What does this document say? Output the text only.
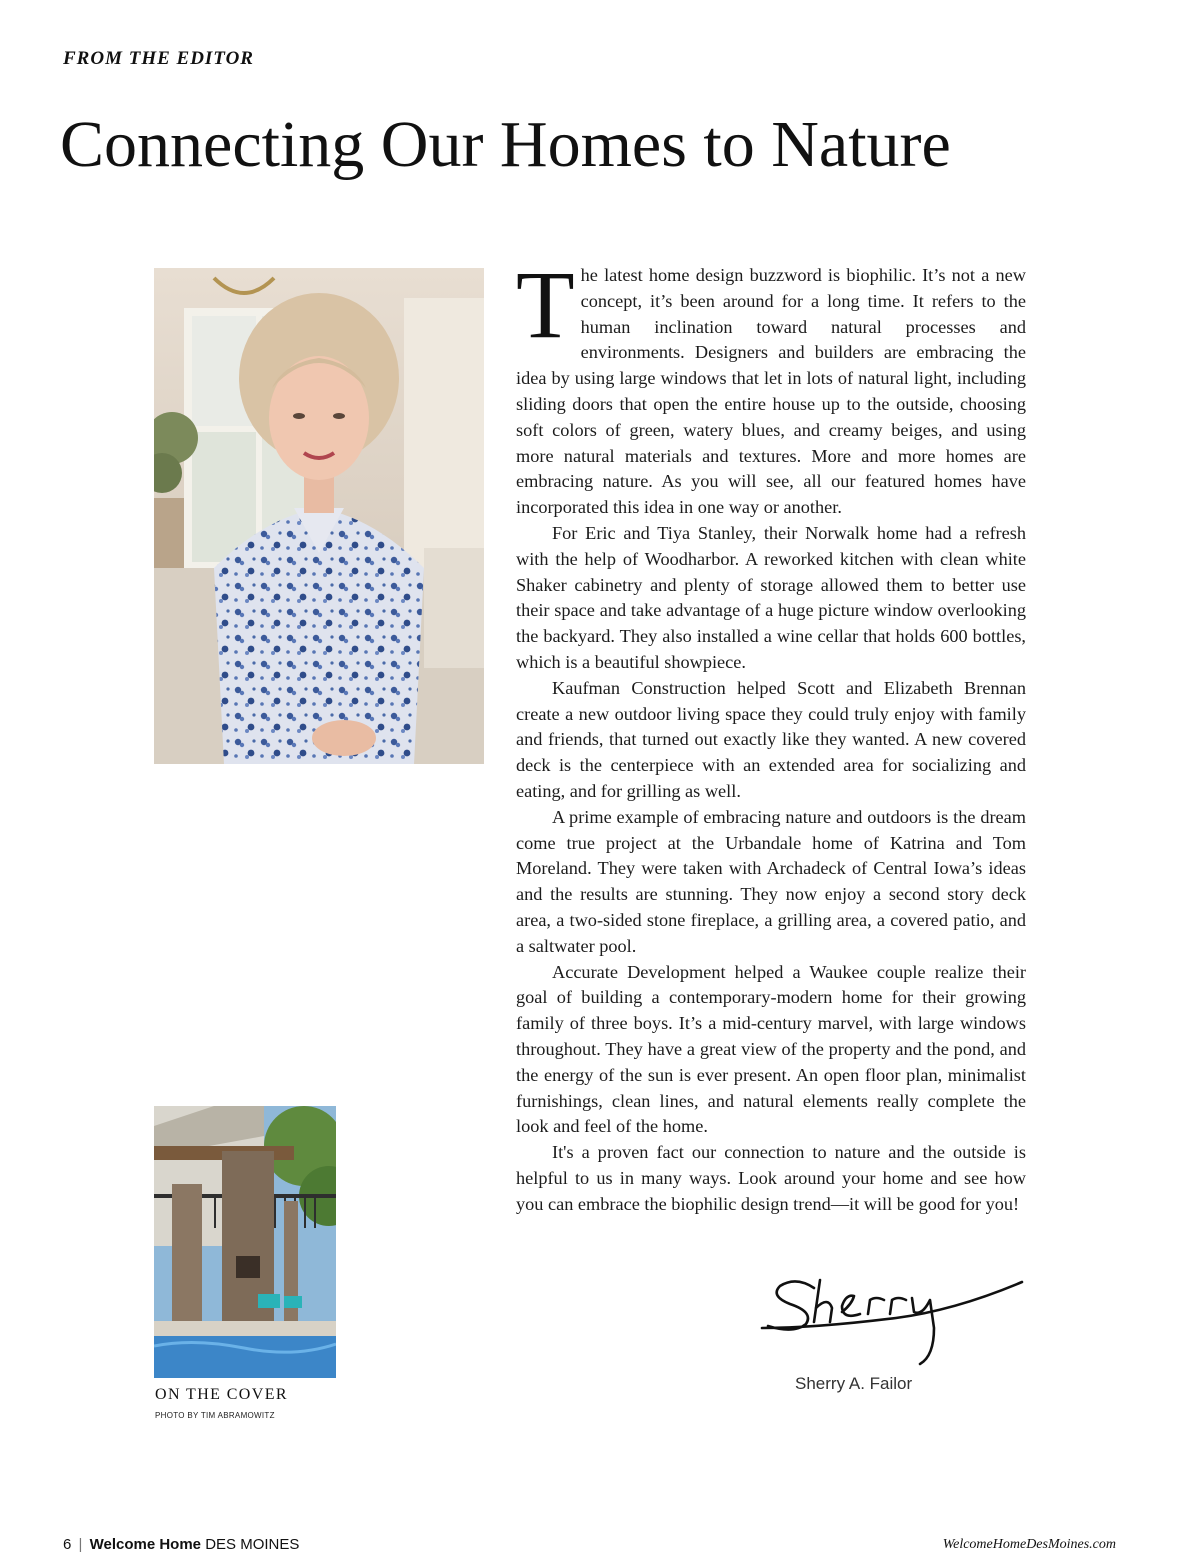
FROM THE EDITOR
Connecting Our Homes to Nature

The latest home design buzzword is biophilic. It’s not a new concept, it’s been around for a long time. It refers to the human inclination toward natural processes and environments. Designers and builders are embracing the idea by using large windows that let in lots of natural light, including sliding doors that open the entire house up to the outside, choosing soft colors of green, watery blues, and creamy beiges, and using more natural materials and textures. More and more homes are embracing nature. As you will see, all our featured homes have incorporated this idea in one way or another.

For Eric and Tiya Stanley, their Norwalk home had a refresh with the help of Woodharbor. A reworked kitchen with clean white Shaker cabinetry and plenty of storage allowed them to better use their space and take advantage of a huge picture window overlooking the backyard. They also installed a wine cellar that holds 600 bottles, which is a beautiful showpiece.

Kaufman Construction helped Scott and Elizabeth Brennan create a new outdoor living space they could truly enjoy with family and friends, that turned out exactly like they wanted. A new covered deck is the centerpiece with an extended area for socializing and eating, and for grilling as well.

A prime example of embracing nature and outdoors is the dream come true project at the Urbandale home of Katrina and Tom Moreland. They were taken with Archadeck of Central Iowa’s ideas and the results are stunning. They now enjoy a second story deck area, a two-sided stone fireplace, a grilling area, a covered patio, and a saltwater pool.

Accurate Development helped a Waukee couple realize their goal of building a contemporary-modern home for their growing family of three boys. It’s a mid-century marvel, with large windows throughout. They have a great view of the property and the pond, and the energy of the sun is ever present. An open floor plan, minimalist furnishings, clean lines, and natural elements really complete the look and feel of the home.

It's a proven fact our connection to nature and the outside is helpful to us in many ways. Look around your home and see how you can embrace the biophilic design trend—it will be good for you!

ON THE COVER
PHOTO BY TIM ABRAMOWITZ
Sherry A. Failor
6 | Welcome Home DES MOINES	WelcomeHomeDesMoines.com
